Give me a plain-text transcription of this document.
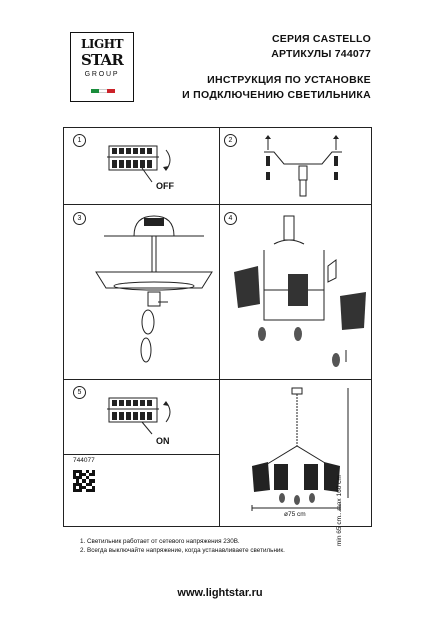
LIGHT
STAR
GROUP
СЕРИЯ CASTELLO
АРТИКУЛЫ 744077
ИНСТРУКЦИЯ ПО УСТАНОВКЕ
И ПОДКЛЮЧЕНИЮ СВЕТИЛЬНИКА
1	2
3	4
5
OFF
ON
min 65 cm...max 160 cm
ø75 cm
744077
1. Светильник работает от сетевого напряжения 230В.
2. Всегда выключайте напряжение, когда устанавливаете светильник.
www.lightstar.ru
